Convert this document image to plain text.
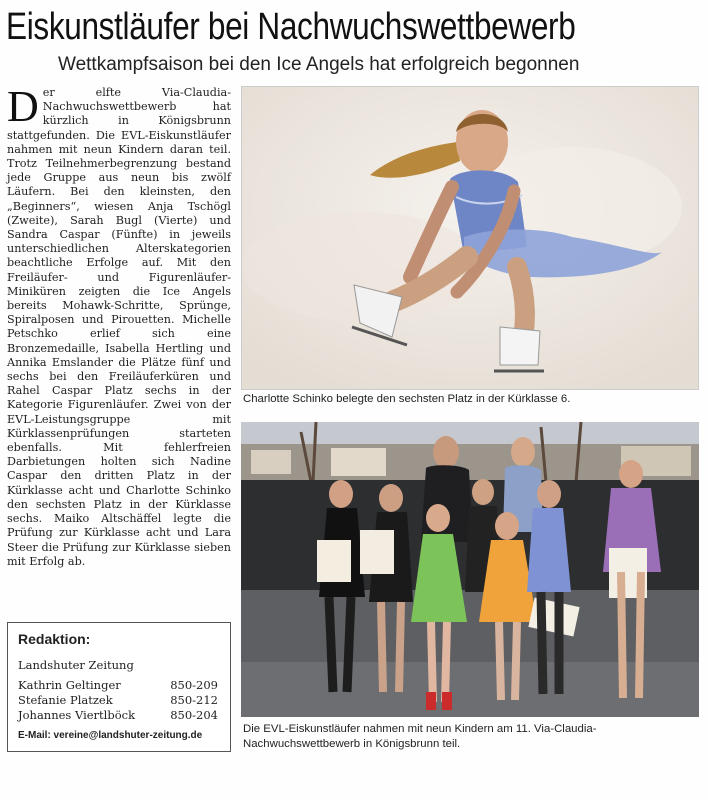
Eiskunstläufer bei Nachwuchswettbewerb
Wettkampfsaison bei den Ice Angels hat erfolgreich begonnen
Der elfte Via-Claudia-Nachwuchswettbewerb hat kürzlich in Königsbrunn stattgefunden. Die EVL-Eiskunstläufer nahmen mit neun Kindern daran teil. Trotz Teilnehmerbegrenzung bestand jede Gruppe aus neun bis zwölf Läufern. Bei den kleinsten, den „Beginners“, wiesen Anja Tschögl (Zweite), Sarah Bugl (Vierte) und Sandra Caspar (Fünfte) in jeweils unterschiedlichen Alterskategorien beachtliche Erfolge auf. Mit den Freiläufer- und Figurenläufer-Miniküren zeigten die Ice Angels bereits Mohawk-Schritte, Sprünge, Spiralposen und Pirouetten. Michelle Petschko erlief sich eine Bronzemedaille, Isabella Hertling und Annika Emslander die Plätze fünf und sechs bei den Freiläuferküren und Rahel Caspar Platz sechs in der Kategorie Figurenläufer. Zwei von der EVL-Leistungsgruppe mit Kürklassenprüfungen starteten ebenfalls. Mit fehlerfreien Darbietungen holten sich Nadine Caspar den dritten Platz in der Kürklasse acht und Charlotte Schinko den sechsten Platz in der Kürklasse sechs. Maiko Altschäffel legte die Prüfung zur Kürklasse acht und Lara Steer die Prüfung zur Kürklasse sieben mit Erfolg ab.
Charlotte Schinko belegte den sechsten Platz in der Kürklasse 6.
Die EVL-Eiskunstläufer nahmen mit neun Kindern am 11. Via-Claudia-Nachwuchswettbewerb in Königsbrunn teil.
Redaktion:
Landshuter Zeitung
Kathrin Geltinger	850-209
Stefanie Platzek	850-212
Johannes Viertlböck	850-204
E-Mail: vereine@landshuter-zeitung.de
